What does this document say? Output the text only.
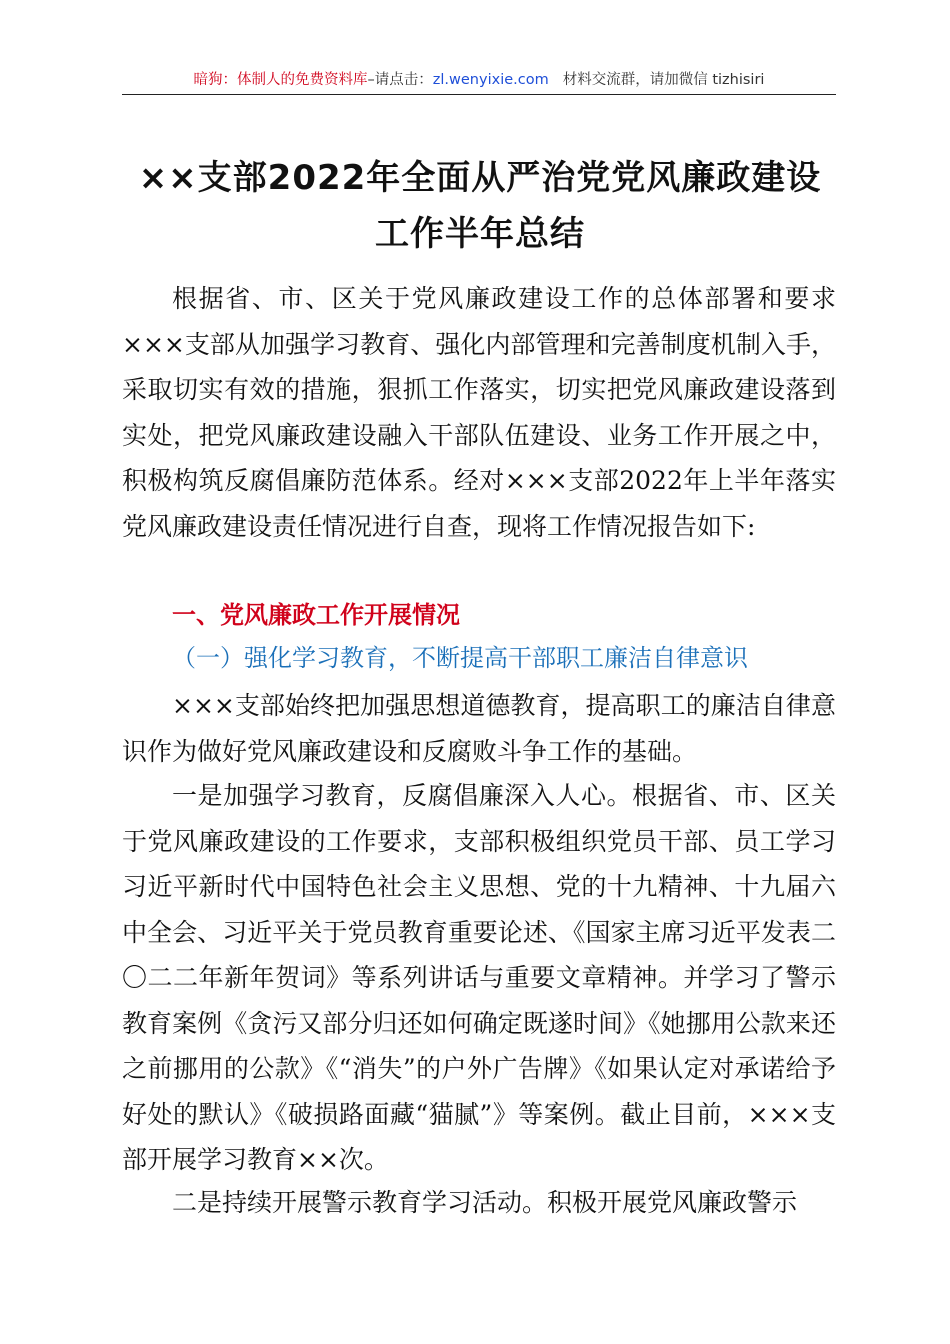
暗狗：体制人的免费资料库–请点击：zl.wenyixie.com 材料交流群，请加微信 tizhisiri
××支部2022年全面从严治党党风廉政建设
工作半年总结
根据省、市、区关于党风廉政建设工作的总体部署和要求×××支部从加强学习教育、强化内部管理和完善制度机制入手，采取切实有效的措施，狠抓工作落实，切实把党风廉政建设落到实处，把党风廉政建设融入干部队伍建设、业务工作开展之中，积极构筑反腐倡廉防范体系。经对×××支部2022年上半年落实党风廉政建设责任情况进行自查，现将工作情况报告如下:
一、党风廉政工作开展情况
（一）强化学习教育，不断提高干部职工廉洁自律意识
×××支部始终把加强思想道德教育，提高职工的廉洁自律意识作为做好党风廉政建设和反腐败斗争工作的基础。
一是加强学习教育，反腐倡廉深入人心。根据省、市、区关于党风廉政建设的工作要求，支部积极组织党员干部、员工学习习近平新时代中国特色社会主义思想、党的十九精神、十九届六中全会、习近平关于党员教育重要论述、《国家主席习近平发表二〇二二年新年贺词》等系列讲话与重要文章精神。并学习了警示教育案例《贪污又部分归还如何确定既遂时间》《她挪用公款来还之前挪用的公款》《“消失”的户外广告牌》《如果认定对承诺给予好处的默认》《破损路面藏“猫腻”》等案例。截止目前，×××支部开展学习教育××次。
二是持续开展警示教育学习活动。积极开展党风廉政警示
